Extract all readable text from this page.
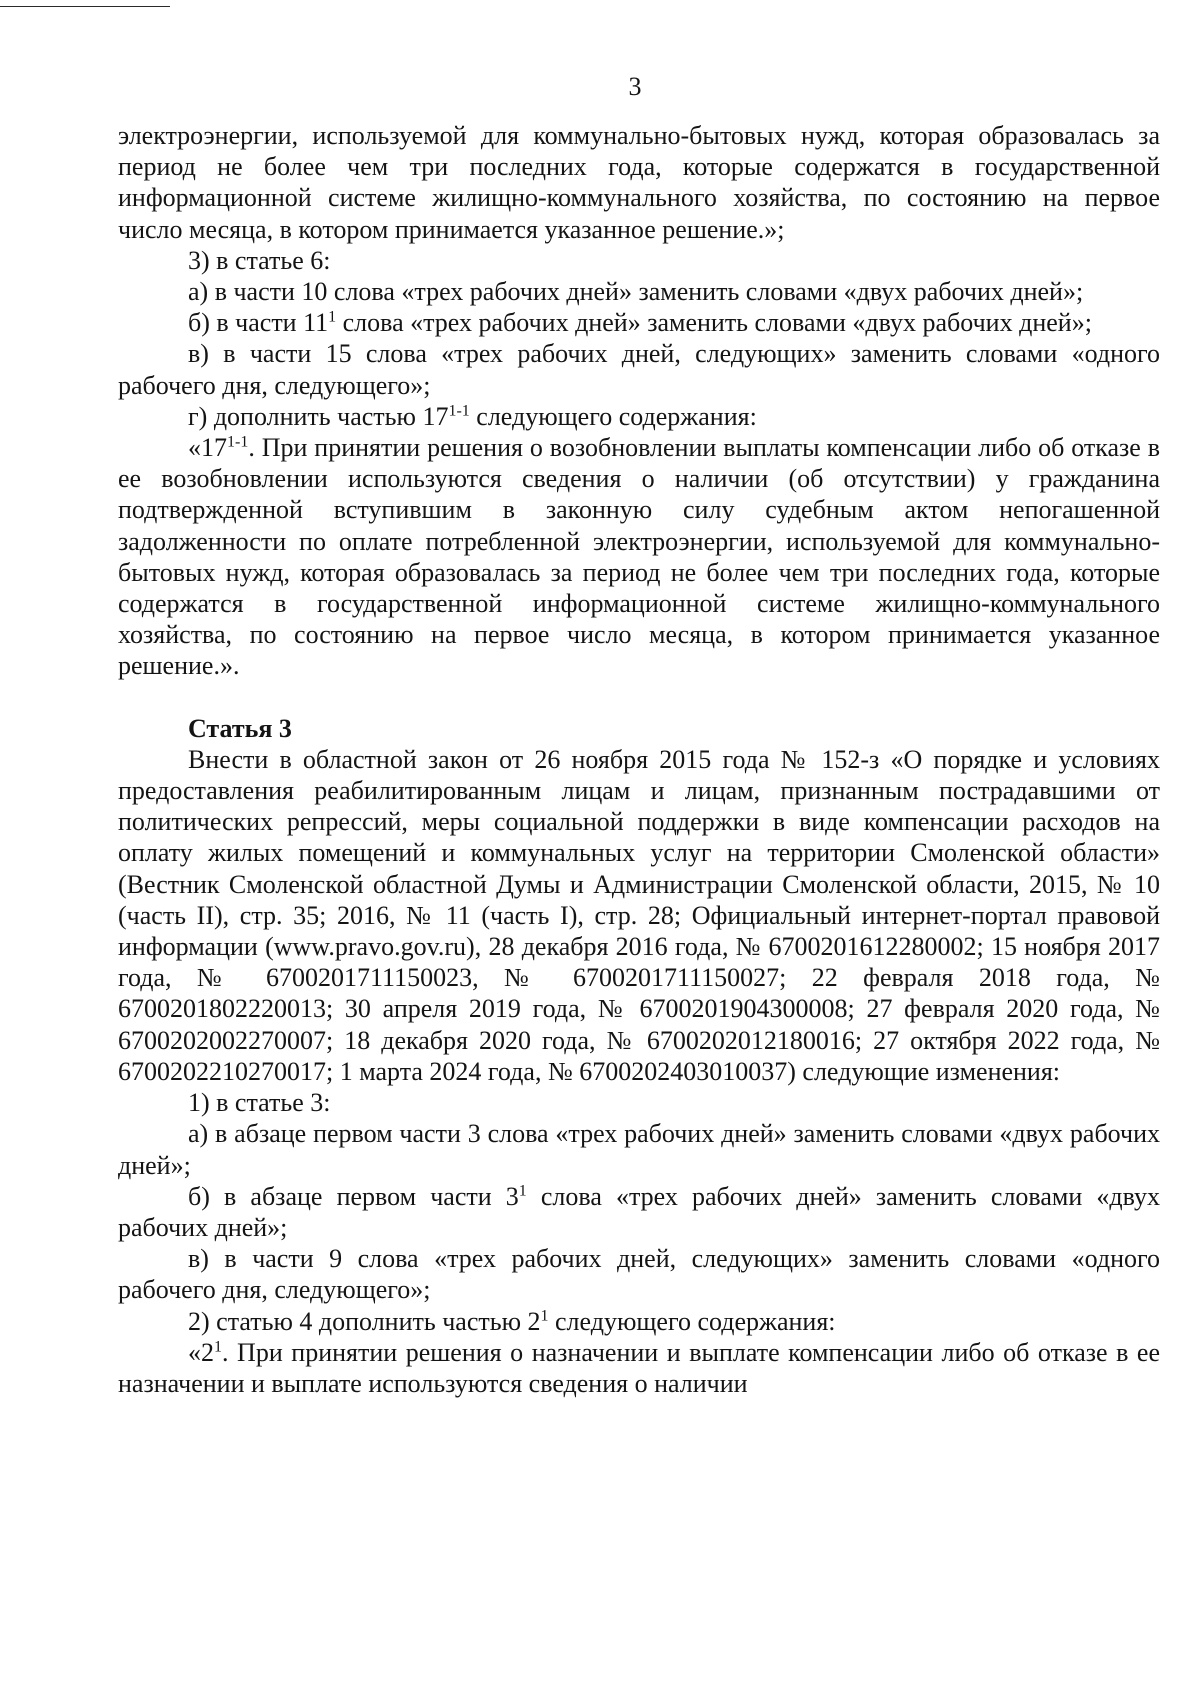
3

электроэнергии, используемой для коммунально-бытовых нужд, которая образовалась за период не более чем три последних года, которые содержатся в государственной информационной системе жилищно-коммунального хозяйства, по состоянию на первое число месяца, в котором принимается указанное решение.»;

3) в статье 6:

а) в части 10 слова «трех рабочих дней» заменить словами «двух рабочих дней»;

б) в части $11^1$ слова «трех рабочих дней» заменить словами «двух рабочих дней»;

в) в части 15 слова «трех рабочих дней, следующих» заменить словами «одного рабочего дня, следующего»;

г) дополнить частью 17$^{1-1}$ следующего содержания:

«17$^{1-1}$. При принятии решения о возобновлении выплаты компенсации либо об отказе в ее возобновлении используются сведения о наличии (об отсутствии) у гражданина подтвержденной вступившим в законную силу судебным актом непогашенной задолженности по оплате потребленной электроэнергии, используемой для коммунально-бытовых нужд, которая образовалась за период не более чем три последних года, которые содержатся в государственной информационной системе жилищно-коммунального хозяйства, по состоянию на первое число месяца, в котором принимается указанное решение.».

Статья 3

Внести в областной закон от 26 ноября 2015 года № 152-з «О порядке и условиях предоставления реабилитированным лицам и лицам, признанным пострадавшими от политических репрессий, меры социальной поддержки в виде компенсации расходов на оплату жилых помещений и коммунальных услуг на территории Смоленской области» (Вестник Смоленской областной Думы и Администрации Смоленской области, 2015, № 10 (часть II), стр. 35; 2016, № 11 (часть I), стр. 28; Официальный интернет-портал правовой информации (www.pravo.gov.ru), 28 декабря 2016 года, № 6700201612280002; 15 ноября 2017 года, № 6700201711150023, № 6700201711150027; 22 февраля 2018 года, № 6700201802220013; 30 апреля 2019 года, № 6700201904300008; 27 февраля 2020 года, № 6700202002270007; 18 декабря 2020 года, № 6700202012180016; 27 октября 2022 года, № 6700202210270017; 1 марта 2024 года, № 6700202403010037) следующие изменения:

1) в статье 3:

а) в абзаце первом части 3 слова «трех рабочих дней» заменить словами «двух рабочих дней»;

б) в абзаце первом части $3^1$ слова «трех рабочих дней» заменить словами «двух рабочих дней»;

в) в части 9 слова «трех рабочих дней, следующих» заменить словами «одного рабочего дня, следующего»;

2) статью 4 дополнить частью $2^1$ следующего содержания:

«$2^1$. При принятии решения о назначении и выплате компенсации либо об отказе в ее назначении и выплате используются сведения о наличии
